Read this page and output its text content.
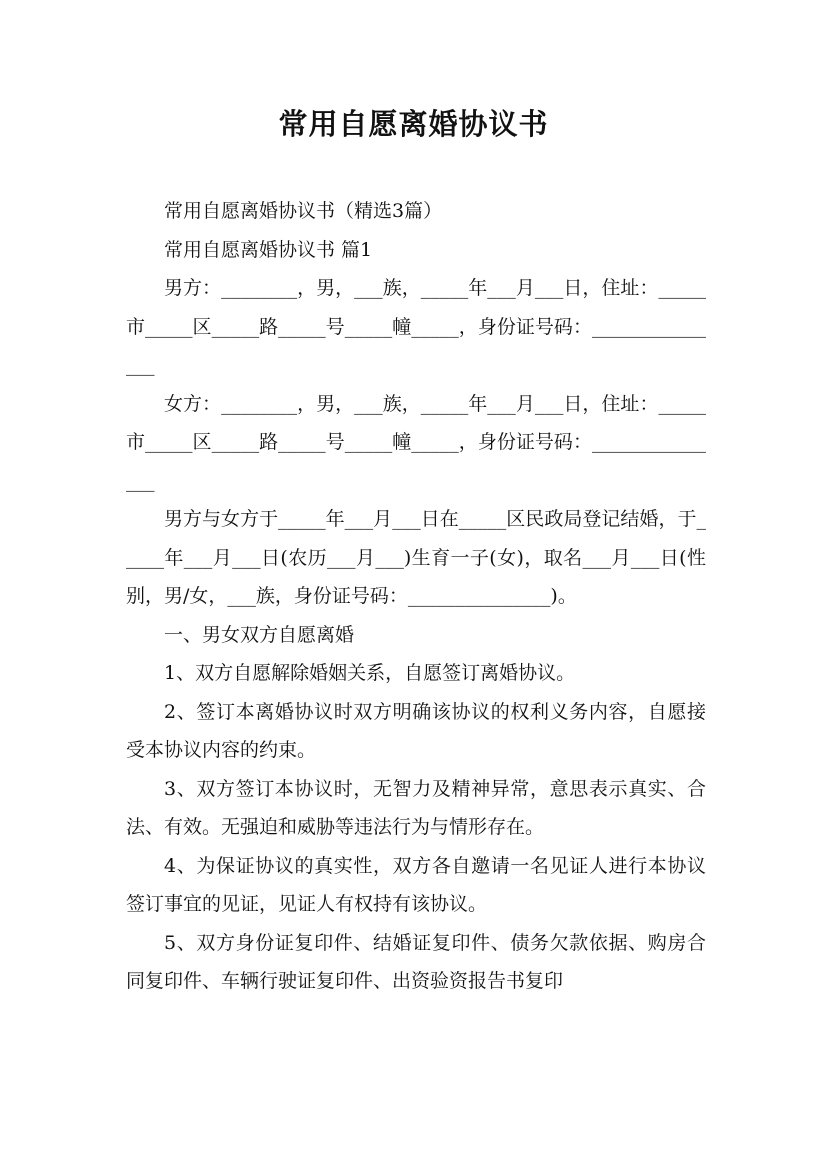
常用自愿离婚协议书

常用自愿离婚协议书（精选3篇）

常用自愿离婚协议书 篇1

男方：________，男，___族，_____年___月___日，住址：_____市_____区_____路_____号_____幢_____，身份证号码：_______________

女方：________，男，___族，_____年___月___日，住址：_____市_____区_____路_____号_____幢_____，身份证号码：_______________

男方与女方于_____年___月___日在_____区民政局登记结婚，于_____年___月___日(农历___月___)生育一子(女)，取名___月___日(性别，男/女，___族，身份证号码：_______________)。

一、男女双方自愿离婚

1、双方自愿解除婚姻关系，自愿签订离婚协议。

2、签订本离婚协议时双方明确该协议的权利义务内容，自愿接受本协议内容的约束。

3、双方签订本协议时，无智力及精神异常，意思表示真实、合法、有效。无强迫和威胁等违法行为与情形存在。

4、为保证协议的真实性，双方各自邀请一名见证人进行本协议签订事宜的见证，见证人有权持有该协议。

5、双方身份证复印件、结婚证复印件、债务欠款依据、购房合同复印件、车辆行驶证复印件、出资验资报告书复印
